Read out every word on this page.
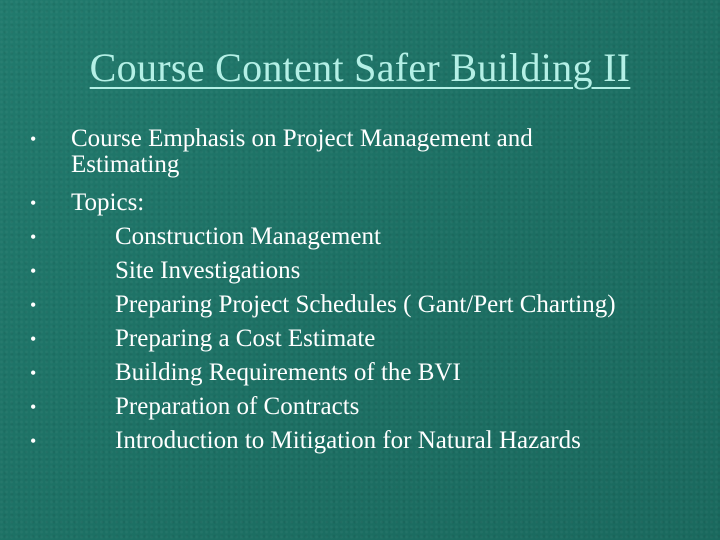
Course Content Safer Building II
• Course Emphasis on Project Management and Estimating
• Topics:
•	Construction Management
•	Site Investigations
•	Preparing Project Schedules ( Gant/Pert Charting)
•	Preparing a Cost Estimate
•	Building Requirements of the BVI
•	Preparation of Contracts
•	Introduction to Mitigation for Natural Hazards
